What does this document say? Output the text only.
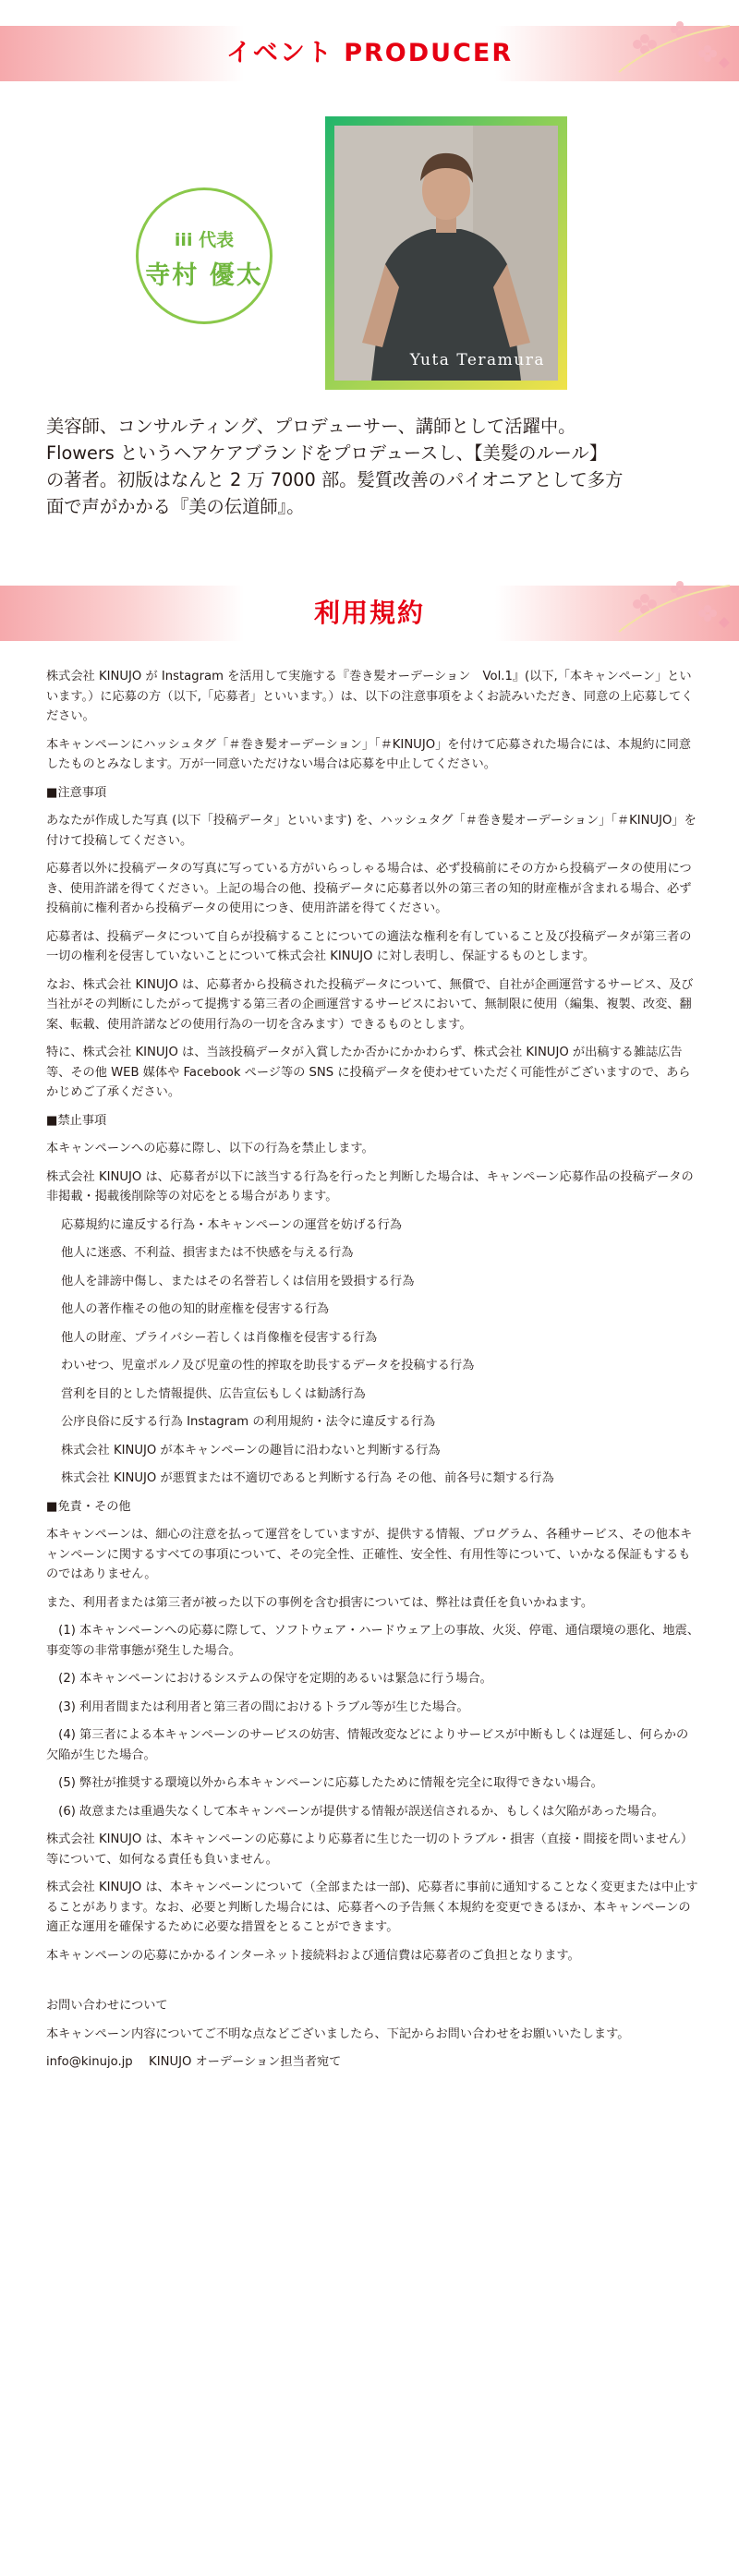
イベント PRODUCER
Yuta Teramura
iii 代表
寺村 優太

美容師、コンサルティング、プロデューサー、講師として活躍中。

Flowers というヘアケアブランドをプロデュースし、【美髪のルール】

の著者。初版はなんと 2 万 7000 部。髪質改善のパイオニアとして多方

面で声がかかる『美の伝道師』。

利用規約
株式会社 KINUJO が Instagram を活用して実施する『巻き髪オーデーション　Vol.1』(以下,「本キャンペーン」といいます。）に応募の方（以下,「応募者」といいます。）は、以下の注意事項をよくお読みいただき、同意の上応募してください。
本キャンペーンにハッシュタグ「＃巻き髪オーデーション」「＃KINUJO」を付けて応募された場合には、本規約に同意したものとみなします。万が一同意いただけない場合は応募を中止してください。
■注意事項
あなたが作成した写真 (以下「投稿データ」といいます) を、ハッシュタグ「＃巻き髪オーデーション」「＃KINUJO」を付けて投稿してください。
応募者以外に投稿データの写真に写っている方がいらっしゃる場合は、必ず投稿前にその方から投稿データの使用につき、使用許諾を得てください。上記の場合の他、投稿データに応募者以外の第三者の知的財産権が含まれる場合、必ず投稿前に権利者から投稿データの使用につき、使用許諾を得てください。
応募者は、投稿データについて自らが投稿することについての適法な権利を有していること及び投稿データが第三者の一切の権利を侵害していないことについて株式会社 KINUJO に対し表明し、保証するものとします。
なお、株式会社 KINUJO は、応募者から投稿された投稿データについて、無償で、自社が企画運営するサービス、及び当社がその判断にしたがって提携する第三者の企画運営するサービスにおいて、無制限に使用（編集、複製、改変、翻案、転載、使用許諾などの使用行為の一切を含みます）できるものとします。
特に、株式会社 KINUJO は、当該投稿データが入賞したか否かにかかわらず、株式会社 KINUJO が出稿する雑誌広告等、その他 WEB 媒体や Facebook ページ等の SNS に投稿データを使わせていただく可能性がございますので、あらかじめご了承ください。
■禁止事項
本キャンペーンへの応募に際し、以下の行為を禁止します。
株式会社 KINUJO は、応募者が以下に該当する行為を行ったと判断した場合は、キャンペーン応募作品の投稿データの非掲載・掲載後削除等の対応をとる場合があります。
応募規約に違反する行為・本キャンペーンの運営を妨げる行為
他人に迷惑、不利益、損害または不快感を与える行為
他人を誹謗中傷し、またはその名誉若しくは信用を毀損する行為
他人の著作権その他の知的財産権を侵害する行為
他人の財産、プライバシー若しくは肖像権を侵害する行為
わいせつ、児童ポルノ及び児童の性的搾取を助長するデータを投稿する行為
営利を目的とした情報提供、広告宣伝もしくは勧誘行為
公序良俗に反する行為 Instagram の利用規約・法令に違反する行為
株式会社 KINUJO が本キャンペーンの趣旨に沿わないと判断する行為
株式会社 KINUJO が悪質または不適切であると判断する行為 その他、前各号に類する行為
■免責・その他
本キャンペーンは、細心の注意を払って運営をしていますが、提供する情報、プログラム、各種サービス、その他本キャンペーンに関するすべての事項について、その完全性、正確性、安全性、有用性等について、いかなる保証もするものではありません。
また、利用者または第三者が被った以下の事例を含む損害については、弊社は責任を負いかねます。
　(1) 本キャンペーンへの応募に際して、ソフトウェア・ハードウェア上の事故、火災、停電、通信環境の悪化、地震、事変等の非常事態が発生した場合。
　(2) 本キャンペーンにおけるシステムの保守を定期的あるいは緊急に行う場合。
　(3) 利用者間または利用者と第三者の間におけるトラブル等が生じた場合。
　(4) 第三者による本キャンペーンのサービスの妨害、情報改変などによりサービスが中断もしくは遅延し、何らかの欠陥が生じた場合。
　(5) 弊社が推奨する環境以外から本キャンペーンに応募したために情報を完全に取得できない場合。
　(6) 故意または重過失なくして本キャンペーンが提供する情報が誤送信されるか、もしくは欠陥があった場合。
株式会社 KINUJO は、本キャンペーンの応募により応募者に生じた一切のトラブル・損害（直接・間接を問いません）等について、如何なる責任も負いません。
株式会社 KINUJO は、本キャンペーンについて（全部または一部)、応募者に事前に通知することなく変更または中止することがあります。なお、必要と判断した場合には、応募者への予告無く本規約を変更できるほか、本キャンペーンの適正な運用を確保するために必要な措置をとることができます。
本キャンペーンの応募にかかるインターネット接続料および通信費は応募者のご負担となります。
お問い合わせについて
本キャンペーン内容についてご不明な点などございましたら、下記からお問い合わせをお願いいたします。
info@kinujo.jp　 KINUJO オーデーション担当者宛て
